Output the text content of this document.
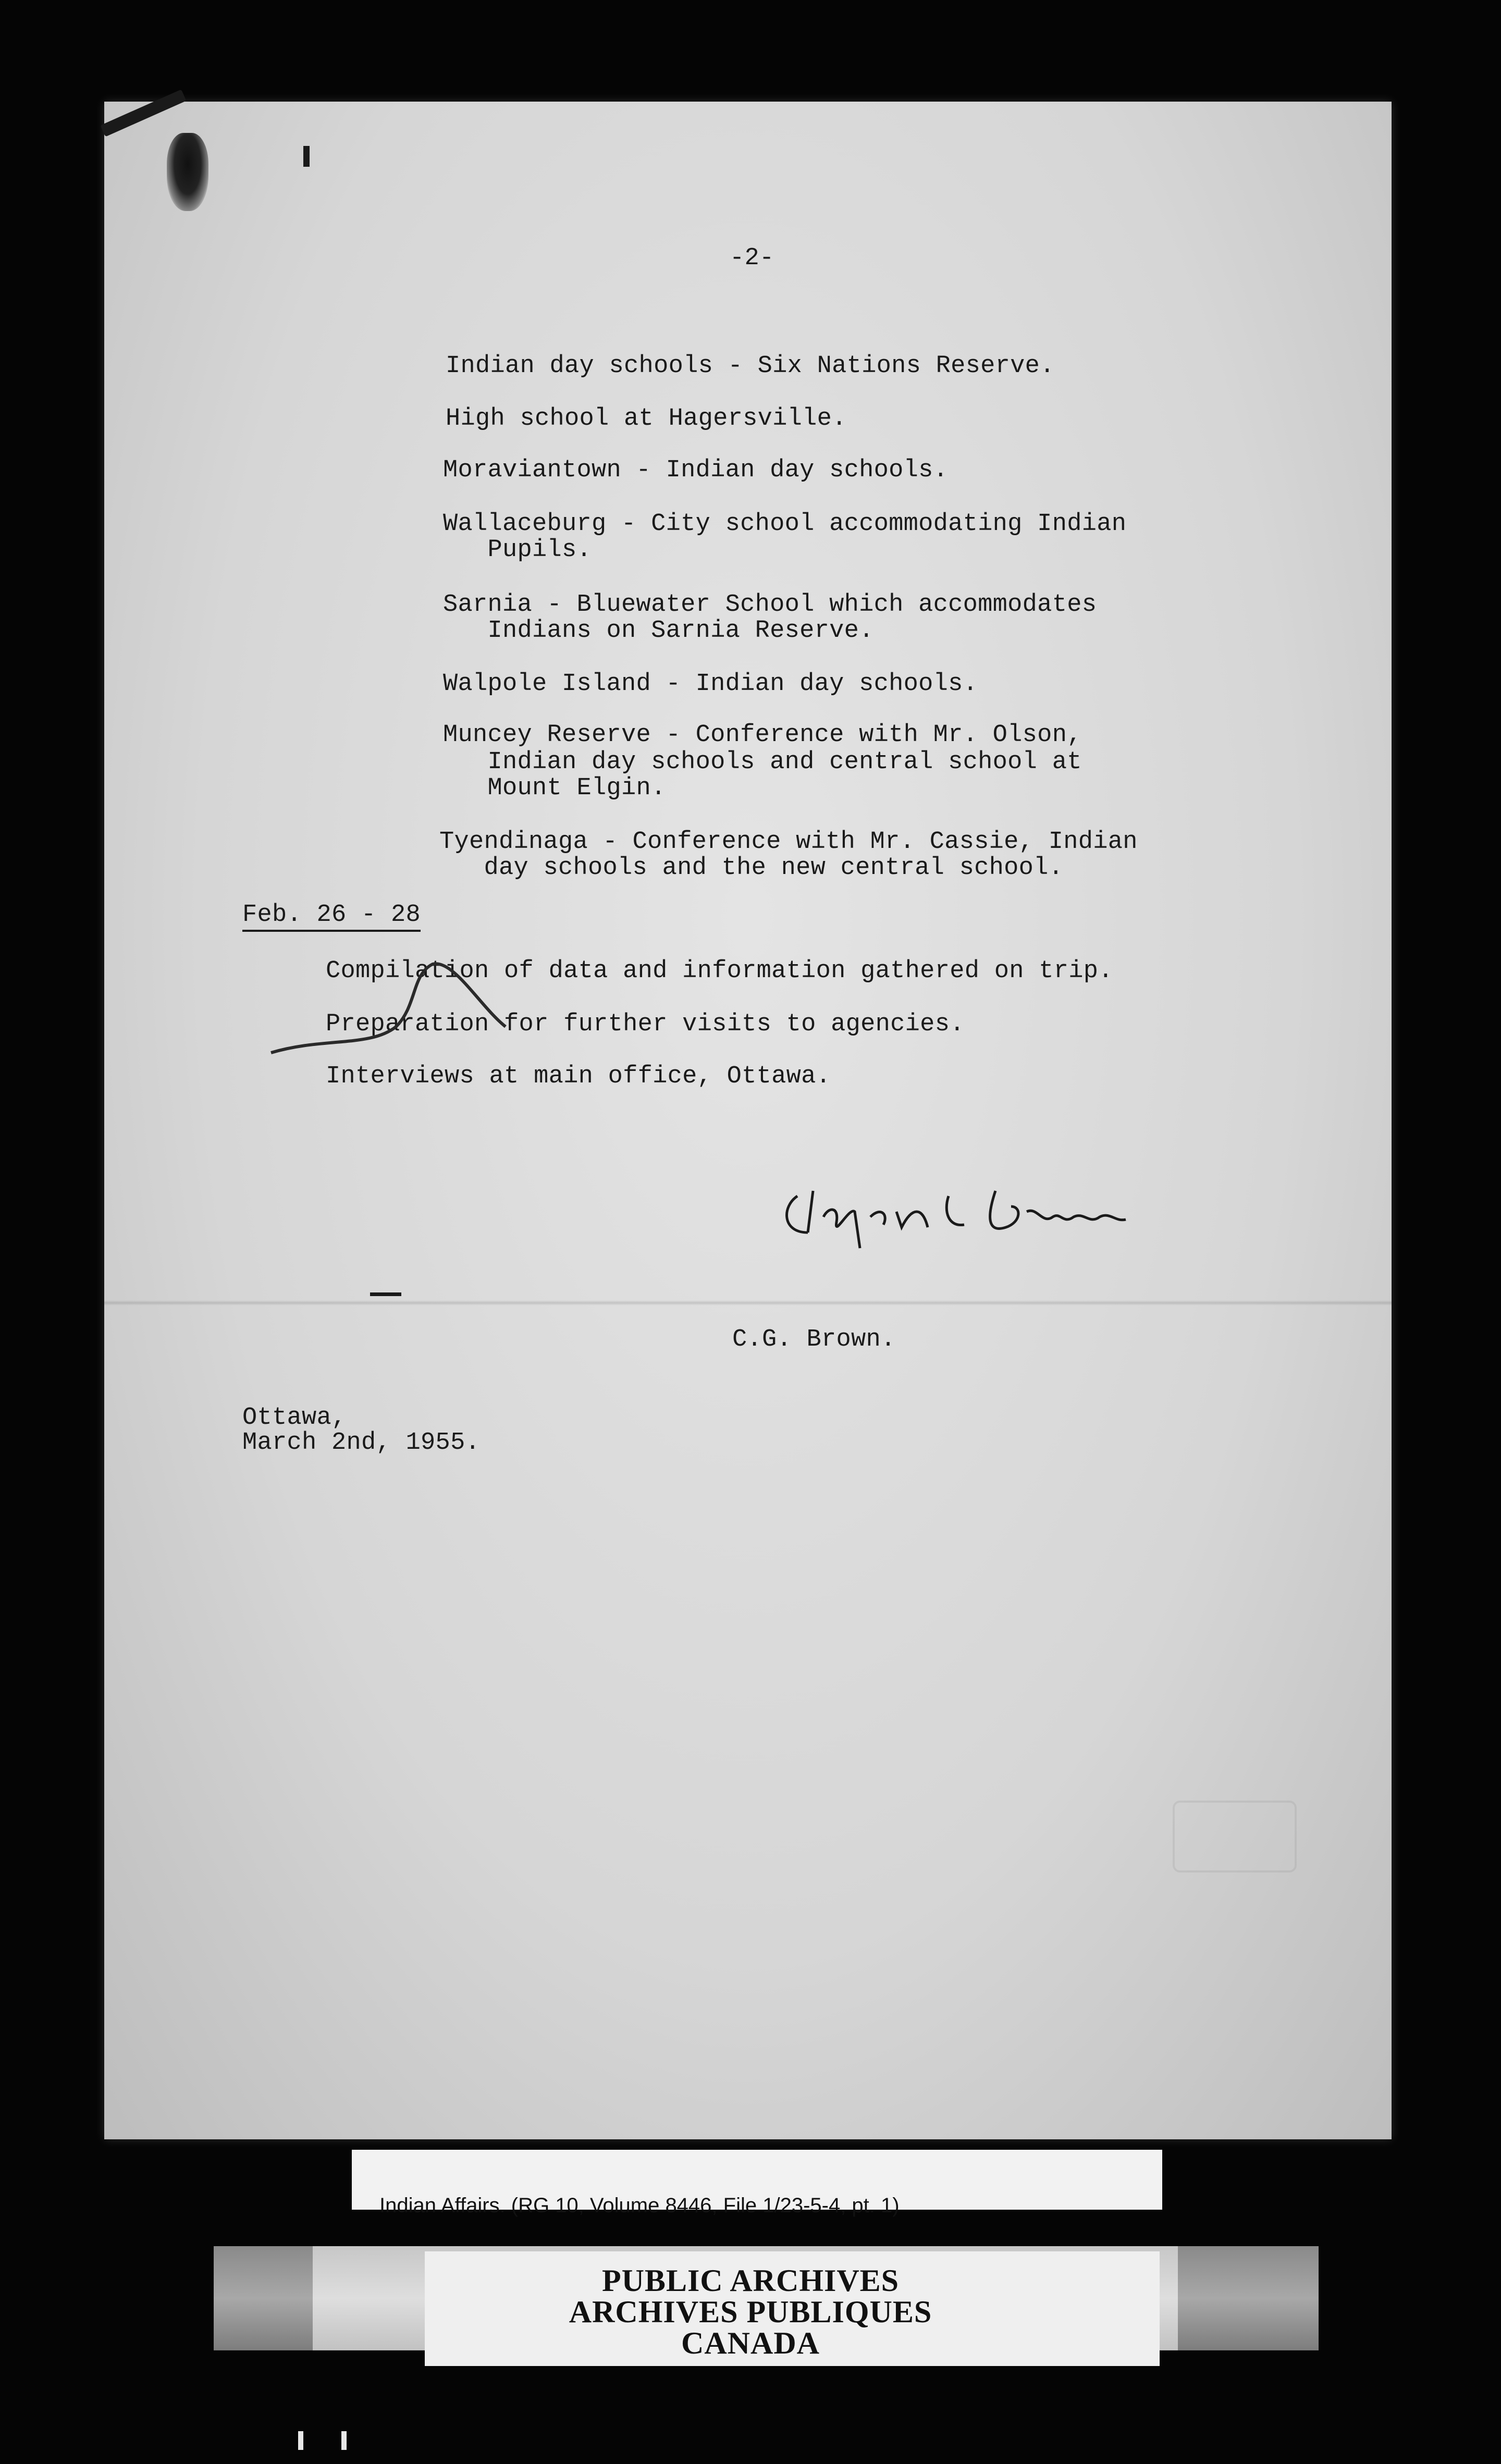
-2-
Indian day schools - Six Nations Reserve.
High school at Hagersville.
Moraviantown - Indian day schools.
Wallaceburg - City school accommodating Indian
Pupils.
Sarnia - Bluewater School which accommodates
Indians on Sarnia Reserve.
Walpole Island - Indian day schools.
Muncey Reserve - Conference with Mr. Olson,
Indian day schools and central school at
Mount Elgin.
Tyendinaga - Conference with Mr. Cassie, Indian
day schools and the new central school.
Feb. 26 - 28
Compilation of data and information gathered on trip.
Preparation for further visits to agencies.
Interviews at main office, Ottawa.
C.G. Brown.
Ottawa,
March 2nd, 1955.
Indian Affairs. (RG 10, Volume 8446, File 1/23-5-4, pt. 1)
PUBLIC ARCHIVES
ARCHIVES PUBLIQUES
CANADA
